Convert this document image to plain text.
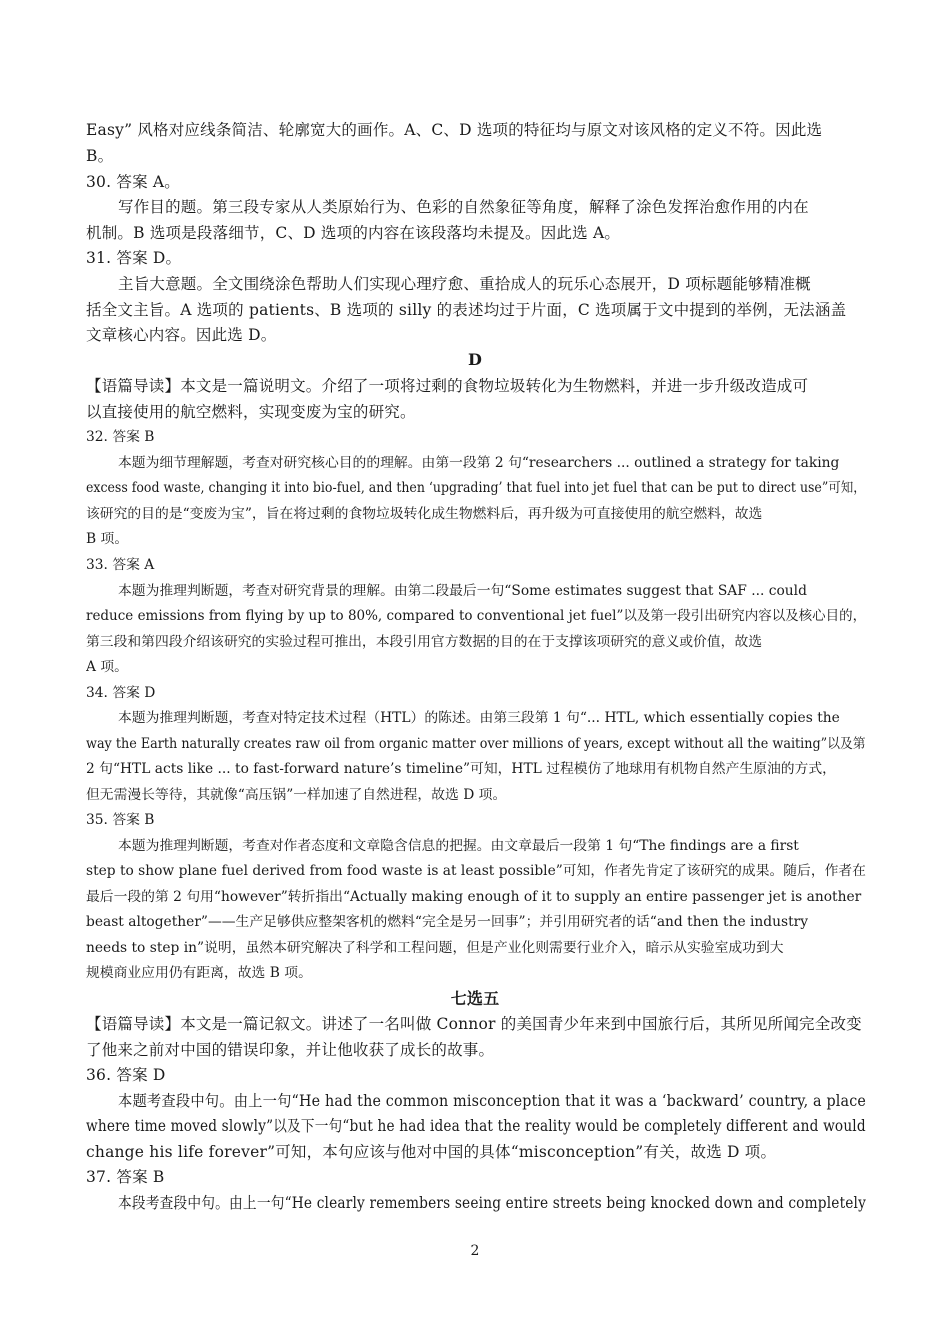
Easy” 风格对应线条简洁、轮廓宽大的画作。A、C、D 选项的特征均与原文对该风格的定义不符。因此选
B。
30. 答案 A。
写作目的题。第三段专家从人类原始行为、色彩的自然象征等角度，解释了涂色发挥治愈作用的内在
机制。B 选项是段落细节，C、D 选项的内容在该段落均未提及。因此选 A。
31. 答案 D。
主旨大意题。全文围绕涂色帮助人们实现心理疗愈、重拾成人的玩乐心态展开，D 项标题能够精准概
括全文主旨。A 选项的 patients、B 选项的 silly 的表述均过于片面，C 选项属于文中提到的举例，无法涵盖
文章核心内容。因此选 D。
D
【语篇导读】本文是一篇说明文。介绍了一项将过剩的食物垃圾转化为生物燃料，并进一步升级改造成可
以直接使用的航空燃料，实现变废为宝的研究。
32. 答案 B
本题为细节理解题，考查对研究核心目的的理解。由第一段第 2 句“researchers ... outlined a strategy for taking
excess food waste, changing it into bio-fuel, and then ‘upgrading’ that fuel into jet fuel that can be put to direct use”可知，
该研究的目的是“变废为宝”，旨在将过剩的食物垃圾转化成生物燃料后，再升级为可直接使用的航空燃料，故选
B 项。
33. 答案 A
本题为推理判断题，考查对研究背景的理解。由第二段最后一句“Some estimates suggest that SAF ... could
reduce emissions from flying by up to 80%, compared to conventional jet fuel”以及第一段引出研究内容以及核心目的，
第三段和第四段介绍该研究的实验过程可推出，本段引用官方数据的目的在于支撑该项研究的意义或价值，故选
A 项。
34. 答案 D
本题为推理判断题，考查对特定技术过程（HTL）的陈述。由第三段第 1 句“... HTL, which essentially copies the
way the Earth naturally creates raw oil from organic matter over millions of years, except without all the waiting”以及第
2 句“HTL acts like ... to fast-forward nature’s timeline”可知，HTL 过程模仿了地球用有机物自然产生原油的方式，
但无需漫长等待，其就像“高压锅”一样加速了自然进程，故选 D 项。
35. 答案 B
本题为推理判断题，考查对作者态度和文章隐含信息的把握。由文章最后一段第 1 句“The findings are a first
step to show plane fuel derived from food waste is at least possible”可知，作者先肯定了该研究的成果。随后，作者在
最后一段的第 2 句用“however”转折指出“Actually making enough of it to supply an entire passenger jet is another
beast altogether”——生产足够供应整架客机的燃料“完全是另一回事”；并引用研究者的话“and then the industry
needs to step in”说明，虽然本研究解决了科学和工程问题，但是产业化则需要行业介入，暗示从实验室成功到大
规模商业应用仍有距离，故选 B 项。
七选五
【语篇导读】本文是一篇记叙文。讲述了一名叫做 Connor 的美国青少年来到中国旅行后，其所见所闻完全改变
了他来之前对中国的错误印象，并让他收获了成长的故事。
36. 答案 D
本题考查段中句。由上一句“He had the common misconception that it was a ‘backward’ country, a place
where time moved slowly”以及下一句“but he had idea that the reality would be completely different and would
change his life forever”可知，本句应该与他对中国的具体“misconception”有关，故选 D 项。
37. 答案 B
本段考查段中句。由上一句“He clearly remembers seeing entire streets being knocked down and completely
2
